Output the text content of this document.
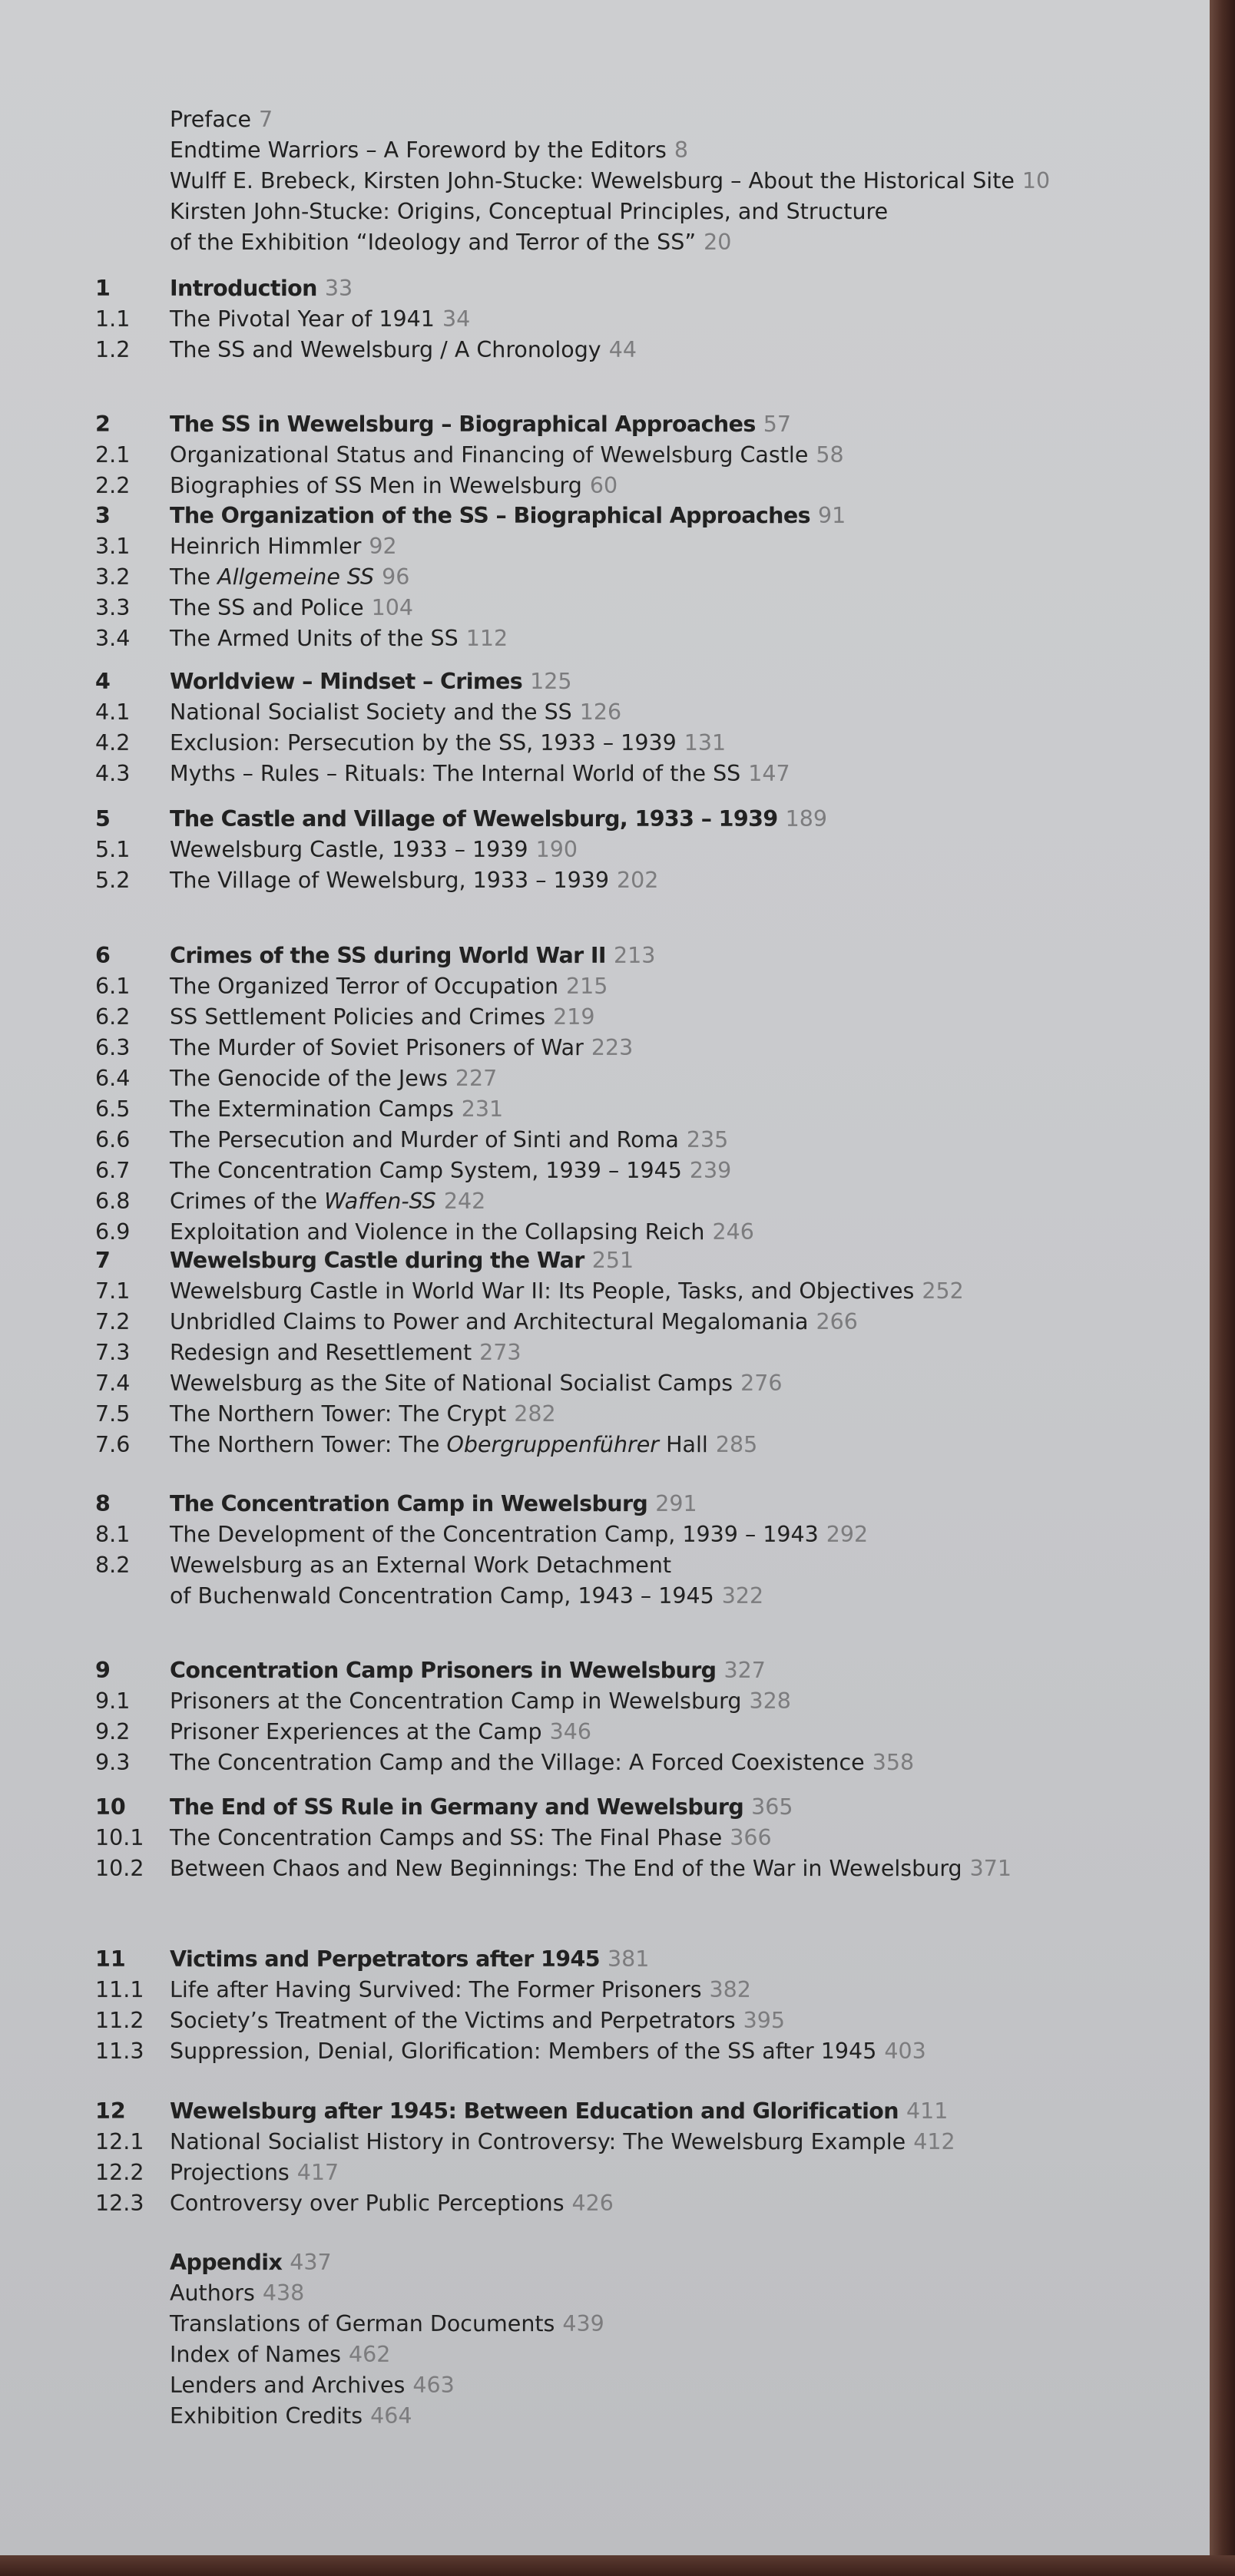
Preface 7
Endtime Warriors – A Foreword by the Editors 8
Wulff E. Brebeck, Kirsten John-Stucke: Wewelsburg – About the Historical Site 10
Kirsten John-Stucke: Origins, Conceptual Principles, and Structure
of the Exhibition “Ideology and Terror of the SS” 20
1	Introduction 33
1.1 The Pivotal Year of 1941 34
1.2 The SS and Wewelsburg / A Chronology 44
2	The SS in Wewelsburg – Biographical Approaches 57
2.1 Organizational Status and Financing of Wewelsburg Castle 58
2.2 Biographies of SS Men in Wewelsburg 60
3	The Organization of the SS – Biographical Approaches 91
3.1 Heinrich Himmler 92
3.2 The Allgemeine SS 96
3.3 The SS and Police 104
3.4 The Armed Units of the SS 112
4	Worldview – Mindset – Crimes 125
4.1 National Socialist Society and the SS 126
4.2 Exclusion: Persecution by the SS, 1933 – 1939 131
4.3 Myths – Rules – Rituals: The Internal World of the SS 147
5	The Castle and Village of Wewelsburg, 1933 – 1939 189
5.1 Wewelsburg Castle, 1933 – 1939 190
5.2 The Village of Wewelsburg, 1933 – 1939 202
6	Crimes of the SS during World War II 213
6.1 The Organized Terror of Occupation 215
6.2 SS Settlement Policies and Crimes 219
6.3 The Murder of Soviet Prisoners of War 223
6.4 The Genocide of the Jews 227
6.5 The Extermination Camps 231
6.6 The Persecution and Murder of Sinti and Roma 235
6.7 The Concentration Camp System, 1939 – 1945 239
6.8 Crimes of the Waffen-SS 242
6.9 Exploitation and Violence in the Collapsing Reich 246
7	Wewelsburg Castle during the War 251
7.1 Wewelsburg Castle in World War II: Its People, Tasks, and Objectives 252
7.2 Unbridled Claims to Power and Architectural Megalomania 266
7.3 Redesign and Resettlement 273
7.4 Wewelsburg as the Site of National Socialist Camps 276
7.5 The Northern Tower: The Crypt 282
7.6 The Northern Tower: The Obergruppenführer Hall 285
8	The Concentration Camp in Wewelsburg 291
8.1 The Development of the Concentration Camp, 1939 – 1943 292
8.2 Wewelsburg as an External Work Detachment
of Buchenwald Concentration Camp, 1943 – 1945 322
9	Concentration Camp Prisoners in Wewelsburg 327
9.1 Prisoners at the Concentration Camp in Wewelsburg 328
9.2 Prisoner Experiences at the Camp 346
9.3 The Concentration Camp and the Village: A Forced Coexistence 358
10 The End of SS Rule in Germany and Wewelsburg 365
10.1 The Concentration Camps and SS: The Final Phase 366
10.2 Between Chaos and New Beginnings: The End of the War in Wewelsburg 371
11 Victims and Perpetrators after 1945 381
11.1 Life after Having Survived: The Former Prisoners 382
11.2 Society’s Treatment of the Victims and Perpetrators 395
11.3 Suppression, Denial, Glorification: Members of the SS after 1945 403
12 Wewelsburg after 1945: Between Education and Glorification 411
12.1 National Socialist History in Controversy: The Wewelsburg Example 412
12.2 Projections 417
12.3 Controversy over Public Perceptions 426
Appendix 437
Authors 438
Translations of German Documents 439
Index of Names 462
Lenders and Archives 463
Exhibition Credits 464
